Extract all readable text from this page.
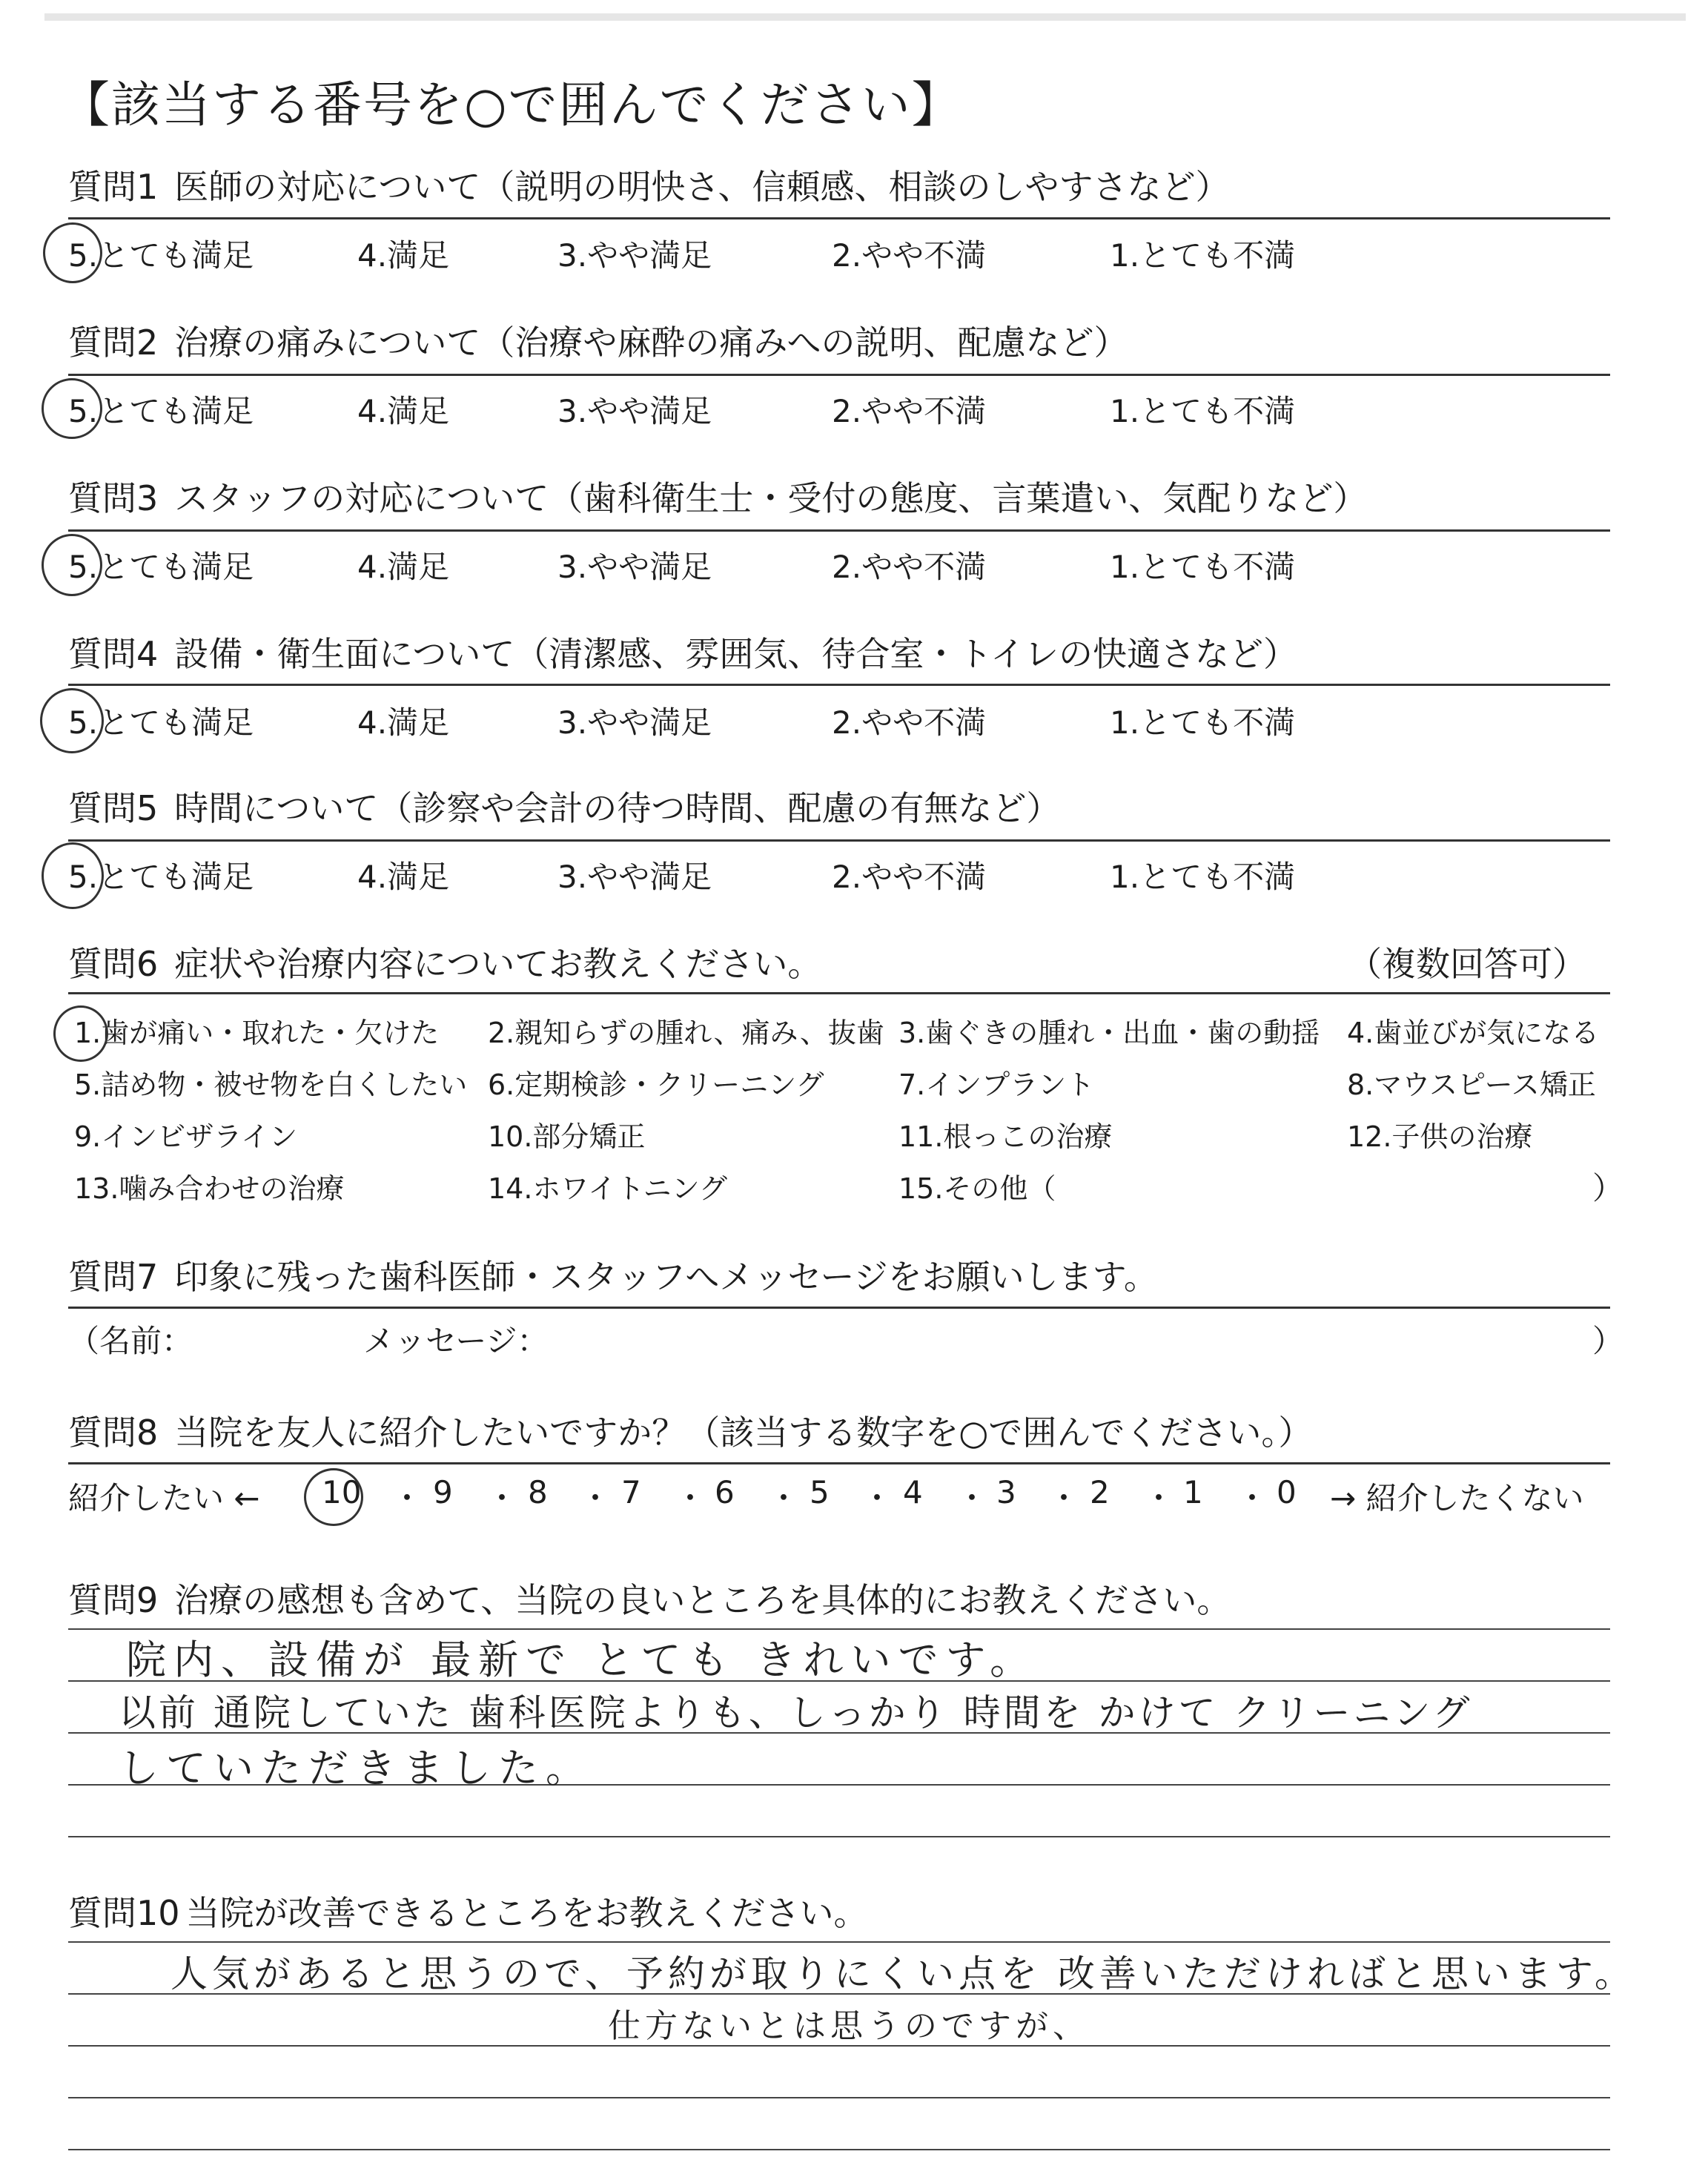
【該当する番号を○で囲んでください】
質問1 医師の対応について（説明の明快さ、信頼感、相談のしやすさなど）
5.とても満足	4.満足	3.やや満足	2.やや不満	1.とても不満
質問2 治療の痛みについて（治療や麻酔の痛みへの説明、配慮など）
5.とても満足	4.満足	3.やや満足	2.やや不満	1.とても不満
質問3 スタッフの対応について（歯科衛生士・受付の態度、言葉遣い、気配りなど）
5.とても満足	4.満足	3.やや満足	2.やや不満	1.とても不満
質問4 設備・衛生面について（清潔感、雰囲気、待合室・トイレの快適さなど）
5.とても満足	4.満足	3.やや満足	2.やや不満	1.とても不満
質問5 時間について（診察や会計の待つ時間、配慮の有無など）
5.とても満足	4.満足	3.やや満足	2.やや不満	1.とても不満
質問6 症状や治療内容についてお教えください。	（複数回答可）
1.歯が痛い・取れた・欠けた 2.親知らずの腫れ、痛み、抜歯 3.歯ぐきの腫れ・出血・歯の動揺 4.歯並びが気になる
5.詰め物・被せ物を白くしたい 6.定期検診・クリーニング	7.インプラント	8.マウスピース矯正
9.インビザライン	10.部分矯正	11.根っこの治療	12.子供の治療
13.噛み合わせの治療	14.ホワイトニング	15.その他（	）
質問7 印象に残った歯科医師・スタッフへメッセージをお願いします。
（名前：	メッセージ：	）
質問8 当院を友人に紹介したいですか？（該当する数字を○で囲んでください。）
紹介したい ← 10 ・ 9 ・ 8 ・ 7 ・ 6 ・ 5 ・ 4 ・ 3 ・ 2 ・ 1 ・ 0 → 紹介したくない
質問9 治療の感想も含めて、当院の良いところを具体的にお教えください。
院内、設備が 最新で とても きれいです。
以前 通院していた 歯科医院よりも、しっかり 時間を かけて クリーニング
していただきました。
質問10 当院が改善できるところをお教えください。
人気があると思うので、予約が取りにくい点を 改善いただければと思います。
仕方ないとは思うのですが、
